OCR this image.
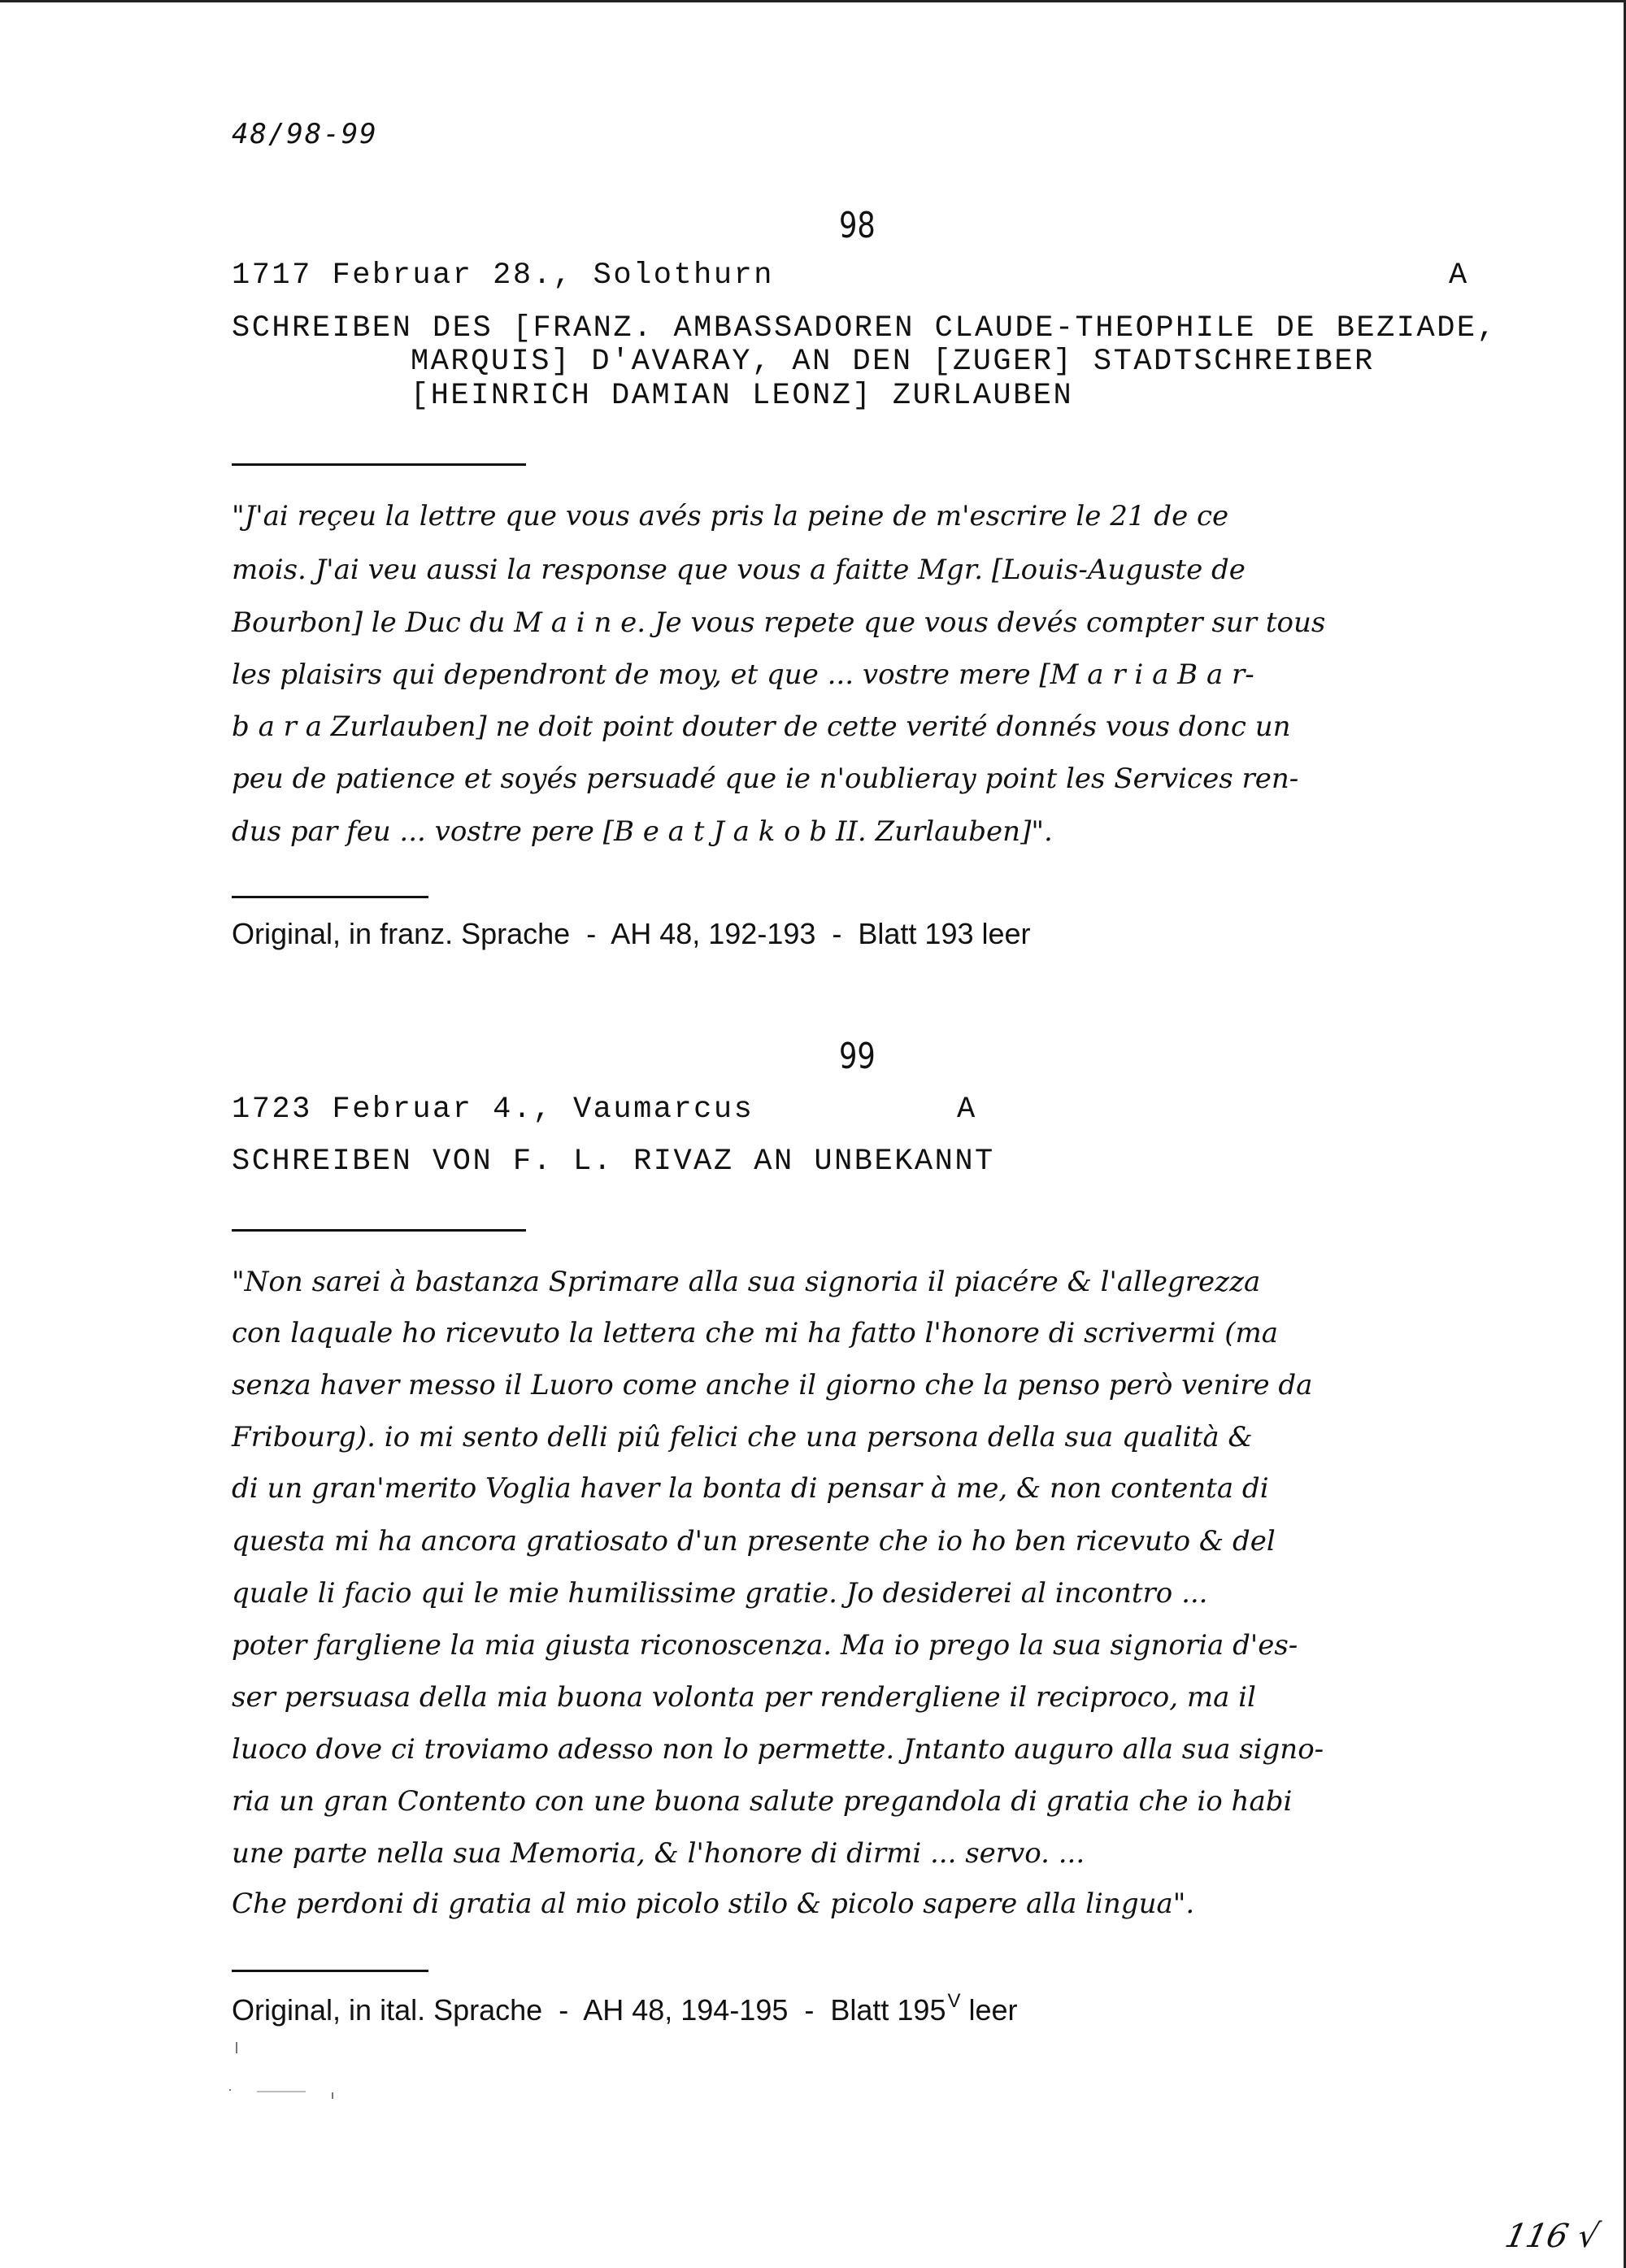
48/98-99
98
1717 Februar 28., Solothurn	A
SCHREIBEN DES [FRANZ. AMBASSADOREN CLAUDE-THEOPHILE DE BEZIADE,
MARQUIS] D'AVARAY, AN DEN [ZUGER] STADTSCHREIBER
[HEINRICH DAMIAN LEONZ] ZURLAUBEN
"J'ai reçeu la lettre que vous avés pris la peine de m'escrire le 21 de ce
mois. J'ai veu aussi la response que vous a faitte Mgr. [Louis-Auguste de
Bourbon] le Duc du M a i n e. Je vous repete que vous devés compter sur tous
les plaisirs qui dependront de moy, et que ... vostre mere [M a r i a B a r-
b a r a Zurlauben] ne doit point douter de cette verité donnés vous donc un
peu de patience et soyés persuadé que ie n'oublieray point les Services ren-
dus par feu ... vostre pere [B e a t J a k o b II. Zurlauben]".
Original, in franz. Sprache  -  AH 48, 192-193  -  Blatt 193 leer
99
1723 Februar 4., Vaumarcus	A
SCHREIBEN VON F. L. RIVAZ AN UNBEKANNT
"Non sarei à bastanza Sprimare alla sua signoria il piacére & l'allegrezza
con laquale ho ricevuto la lettera che mi ha fatto l'honore di scrivermi (ma
senza haver messo il Luoro come anche il giorno che la penso però venire da
Fribourg). io mi sento delli piû felici che una persona della sua qualità &
di un gran'merito Voglia haver la bonta di pensar à me, & non contenta di
questa mi ha ancora gratiosato d'un presente che io ho ben ricevuto & del
quale li facio qui le mie humilissime gratie. Jo desiderei al incontro ...
poter fargliene la mia giusta riconoscenza. Ma io prego la sua signoria d'es-
ser persuasa della mia buona volonta per rendergliene il reciproco, ma il
luoco dove ci troviamo adesso non lo permette. Jntanto auguro alla sua signo-
ria un gran Contento con une buona salute pregandola di gratia che io habi
une parte nella sua Memoria, & l'honore di dirmi ... servo. ...
Che perdoni di gratia al mio picolo stilo & picolo sapere alla lingua".
Original, in ital. Sprache  -  AH 48, 194-195  -  Blatt $195^V$ leer
116 √
